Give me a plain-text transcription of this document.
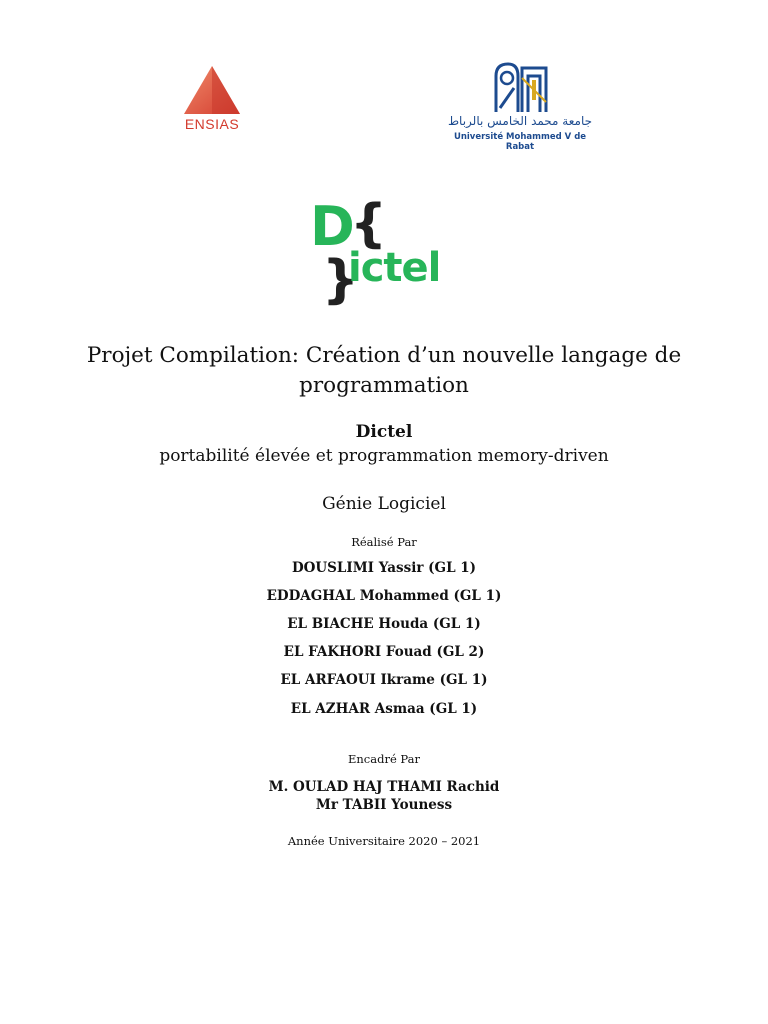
ENSIAS	جامعة محمد الخامس بالرباط
Université Mohammed V de Rabat
D
{
}
ictel
Projet Compilation: Création d’un nouvelle langage de
programmation
Dictel
portabilité élevée et programmation memory-driven
Génie Logiciel
Réalisé Par
DOUSLIMI Yassir (GL 1)
EDDAGHAL Mohammed (GL 1)
EL BIACHE Houda (GL 1)
EL FAKHORI Fouad (GL 2)
EL ARFAOUI Ikrame (GL 1)
EL AZHAR Asmaa (GL 1)
Encadré Par
M. OULAD HAJ THAMI Rachid
Mr TABII Youness
Année Universitaire 2020 – 2021
